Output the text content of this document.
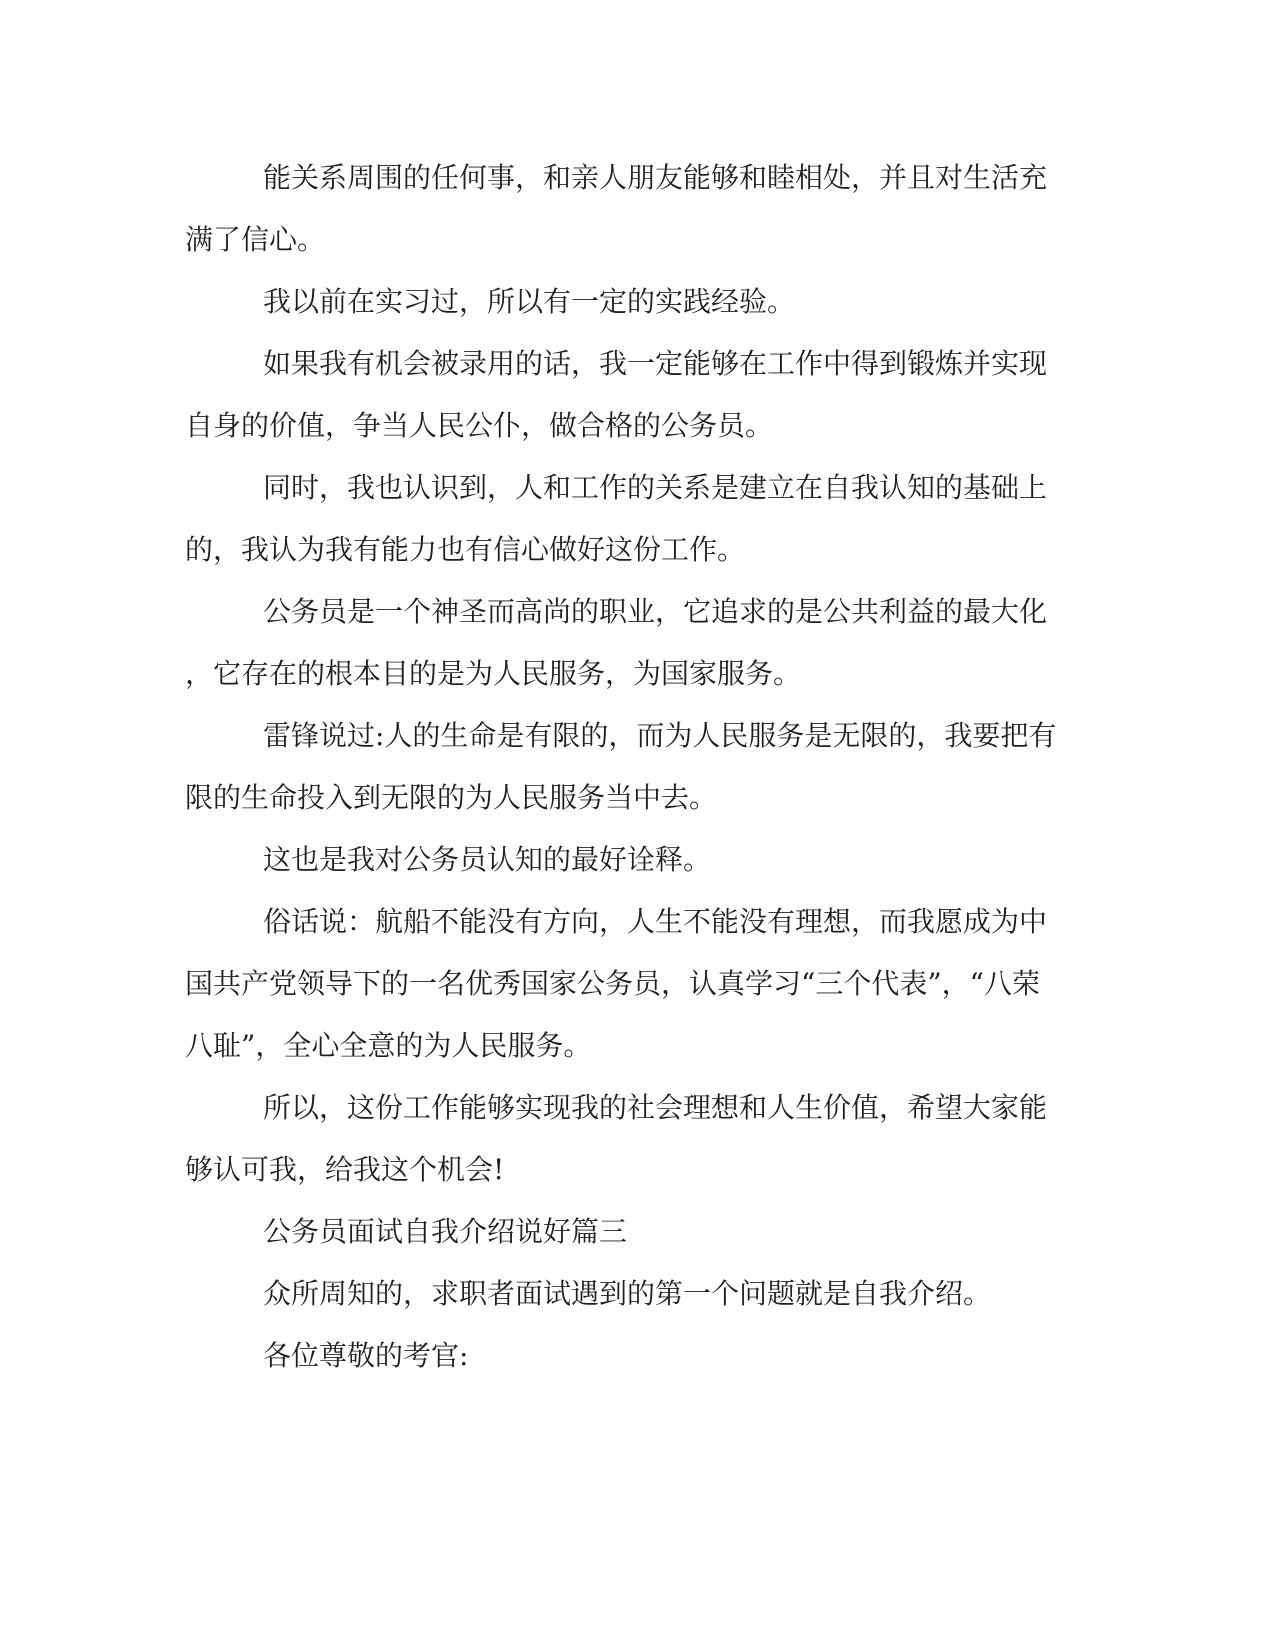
能关系周围的任何事，和亲人朋友能够和睦相处，并且对生活充
满了信心。
我以前在实习过，所以有一定的实践经验。
如果我有机会被录用的话，我一定能够在工作中得到锻炼并实现
自身的价值，争当人民公仆，做合格的公务员。
同时，我也认识到，人和工作的关系是建立在自我认知的基础上
的，我认为我有能力也有信心做好这份工作。
公务员是一个神圣而高尚的职业，它追求的是公共利益的最大化
，它存在的根本目的是为人民服务，为国家服务。
雷锋说过:人的生命是有限的，而为人民服务是无限的，我要把有
限的生命投入到无限的为人民服务当中去。
这也是我对公务员认知的最好诠释。
俗话说：航船不能没有方向，人生不能没有理想，而我愿成为中
国共产党领导下的一名优秀国家公务员，认真学习“三个代表”，“八荣
八耻”，全心全意的为人民服务。
所以，这份工作能够实现我的社会理想和人生价值，希望大家能
够认可我，给我这个机会!
公务员面试自我介绍说好篇三
众所周知的，求职者面试遇到的第一个问题就是自我介绍。
各位尊敬的考官:
